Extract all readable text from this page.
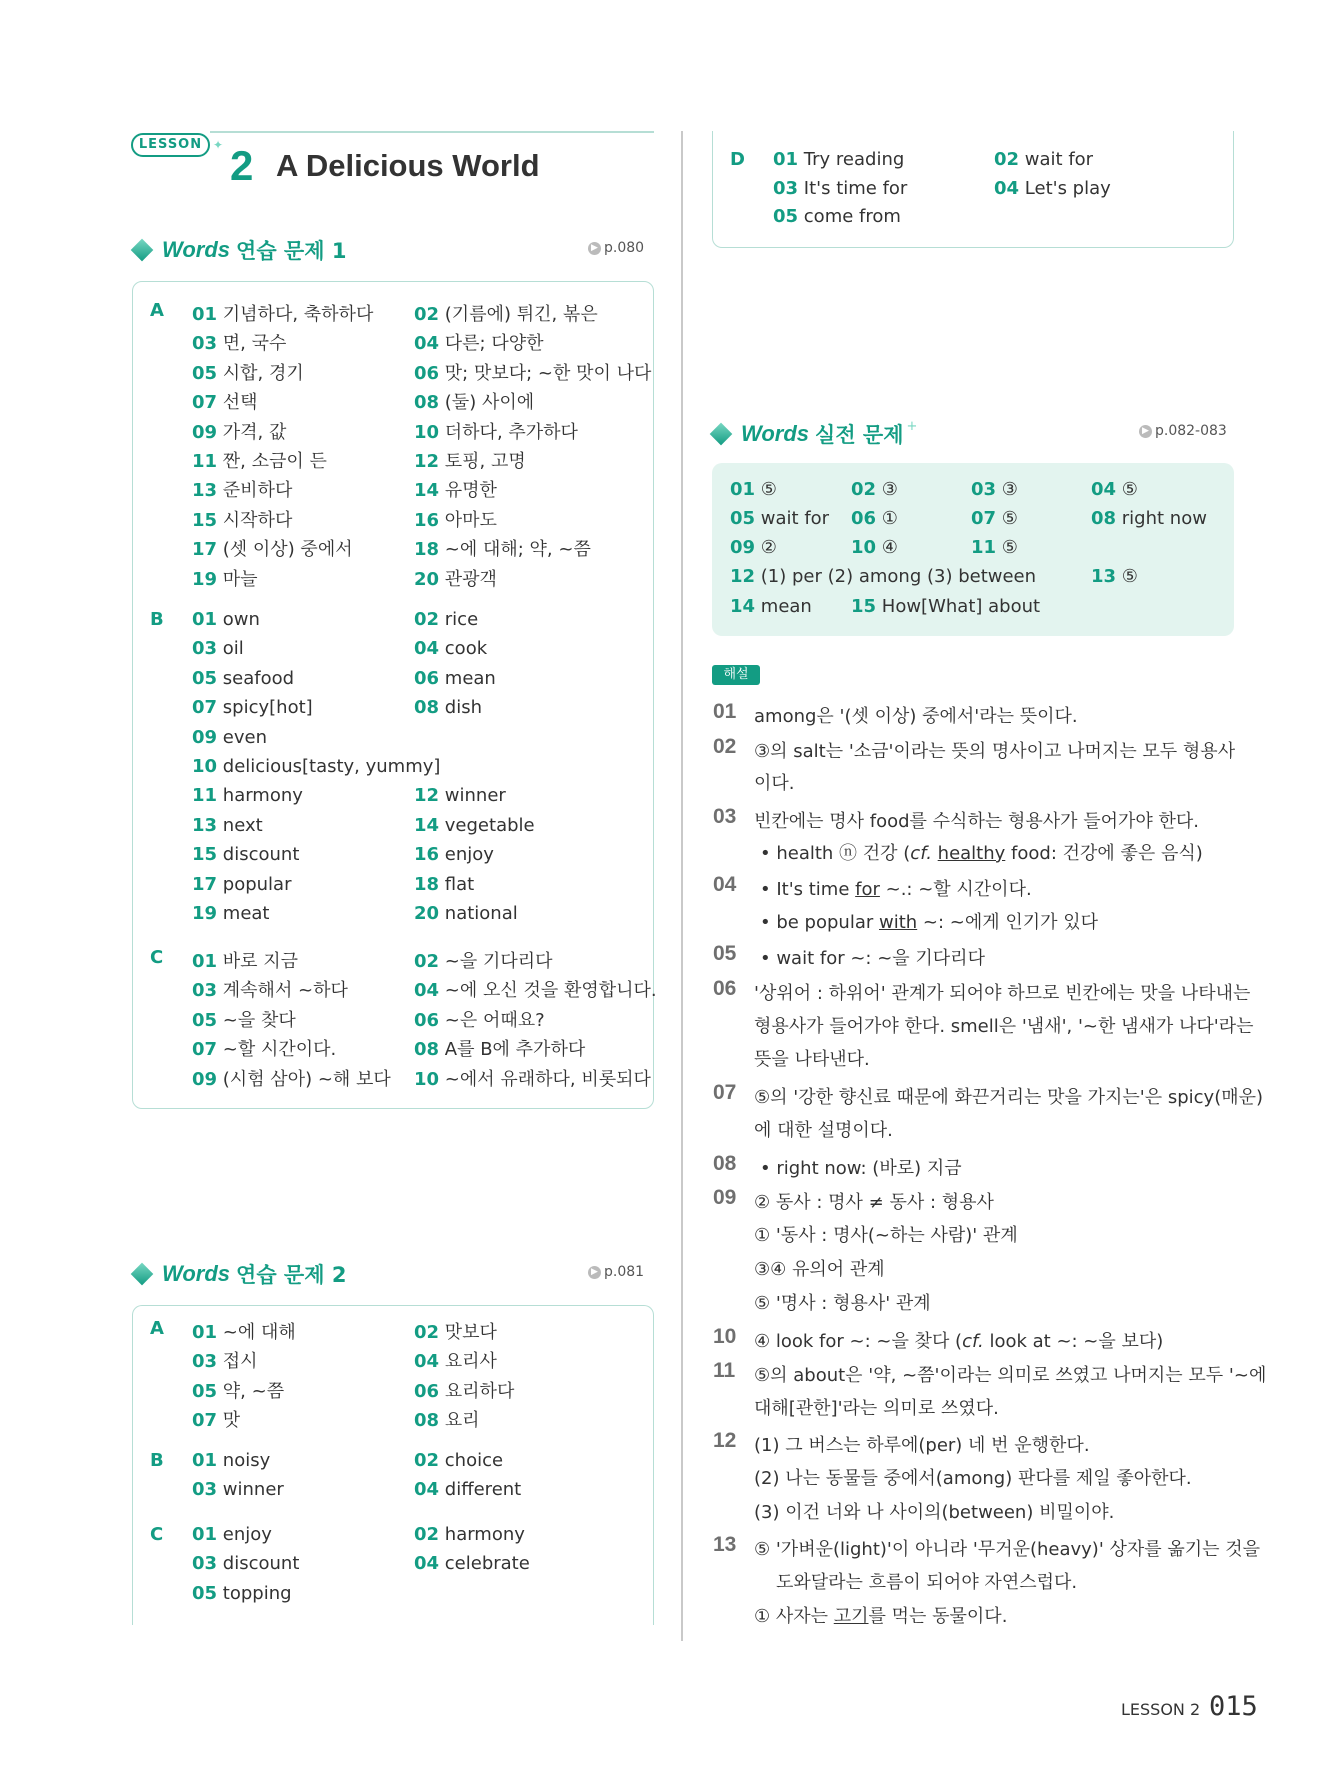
LESSON ✦ 2 A Delicious World
Words 연습 문제 1	▶ p.080
A 01 기념하다, 축하하다 02 (기름에) 튀긴, 볶은
03 면, 국수	04 다른; 다양한
05 시합, 경기	06 맛; 맛보다; ~한 맛이 나다
07 선택	08 (둘) 사이에
09 가격, 값	10 더하다, 추가하다
11 짠, 소금이 든	12 토핑, 고명
13 준비하다	14 유명한
15 시작하다	16 아마도
17 (셋 이상) 중에서	18 ~에 대해; 약, ~쯤
19 마늘	20 관광객
B 01 own	02 rice
03 oil	04 cook
05 seafood	06 mean
07 spicy[hot]	08 dish
09 even
10 delicious[tasty, yummy]
11 harmony	12 winner
13 next	14 vegetable
15 discount	16 enjoy
17 popular	18 flat
19 meat	20 national
C 01 바로 지금	02 ~을 기다리다
03 계속해서 ~하다	04 ~에 오신 것을 환영합니다.
05 ~을 찾다	06 ~은 어때요?
07 ~할 시간이다.	08 A를 B에 추가하다
09 (시험 삼아) ~해 보다 10 ~에서 유래하다, 비롯되다
Words 연습 문제 2	▶ p.081
A 01 ~에 대해	02 맛보다
03 접시	04 요리사
05 약, ~쯤	06 요리하다
07 맛	08 요리
B 01 noisy	02 choice
03 winner	04 different
C 01 enjoy	02 harmony
03 discount	04 celebrate
05 topping
D 01 Try reading	02 wait for
03 It's time for	04 Let's play
05 come from
Words 실전 문제 +	▶ p.082-083
01 ⑤	02 ③	03 ③	04 ⑤
05 wait for 06 ①	07 ⑤	08 right now
09 ②	10 ④	11 ⑤
12 (1) per (2) among (3) between	13 ⑤
14 mean 15 How[What] about
해설
01 among은 '(셋 이상) 중에서'라는 뜻이다.
02 ③의 salt는 '소금'이라는 뜻의 명사이고 나머지는 모두 형용사
이다.
03 빈칸에는 명사 food를 수식하는 형용사가 들어가야 한다.
• health ⓝ 건강 (cf. healthy food: 건강에 좋은 음식)
04 • It's time for ~.: ~할 시간이다.
• be popular with ~: ~에게 인기가 있다
05 • wait for ~: ~을 기다리다
06 '상위어 : 하위어' 관계가 되어야 하므로 빈칸에는 맛을 나타내는
형용사가 들어가야 한다. smell은 '냄새', '~한 냄새가 나다'라는
뜻을 나타낸다.
07 ⑤의 '강한 향신료 때문에 화끈거리는 맛을 가지는'은 spicy(매운)
에 대한 설명이다.
08 • right now: (바로) 지금
09 ② 동사 : 명사 ≠ 동사 : 형용사
① '동사 : 명사(~하는 사람)' 관계
③④ 유의어 관계
⑤ '명사 : 형용사' 관계
10 ④ look for ~: ~을 찾다 (cf. look at ~: ~을 보다)
11 ⑤의 about은 '약, ~쯤'이라는 의미로 쓰였고 나머지는 모두 '~에
대해[관한]'라는 의미로 쓰였다.
12 (1) 그 버스는 하루에(per) 네 번 운행한다.
(2) 나는 동물들 중에서(among) 판다를 제일 좋아한다.
(3) 이건 너와 나 사이의(between) 비밀이야.
13 ⑤ '가벼운(light)'이 아니라 '무거운(heavy)' 상자를 옮기는 것을
도와달라는 흐름이 되어야 자연스럽다.
① 사자는 고기를 먹는 동물이다.
LESSON 2 015
